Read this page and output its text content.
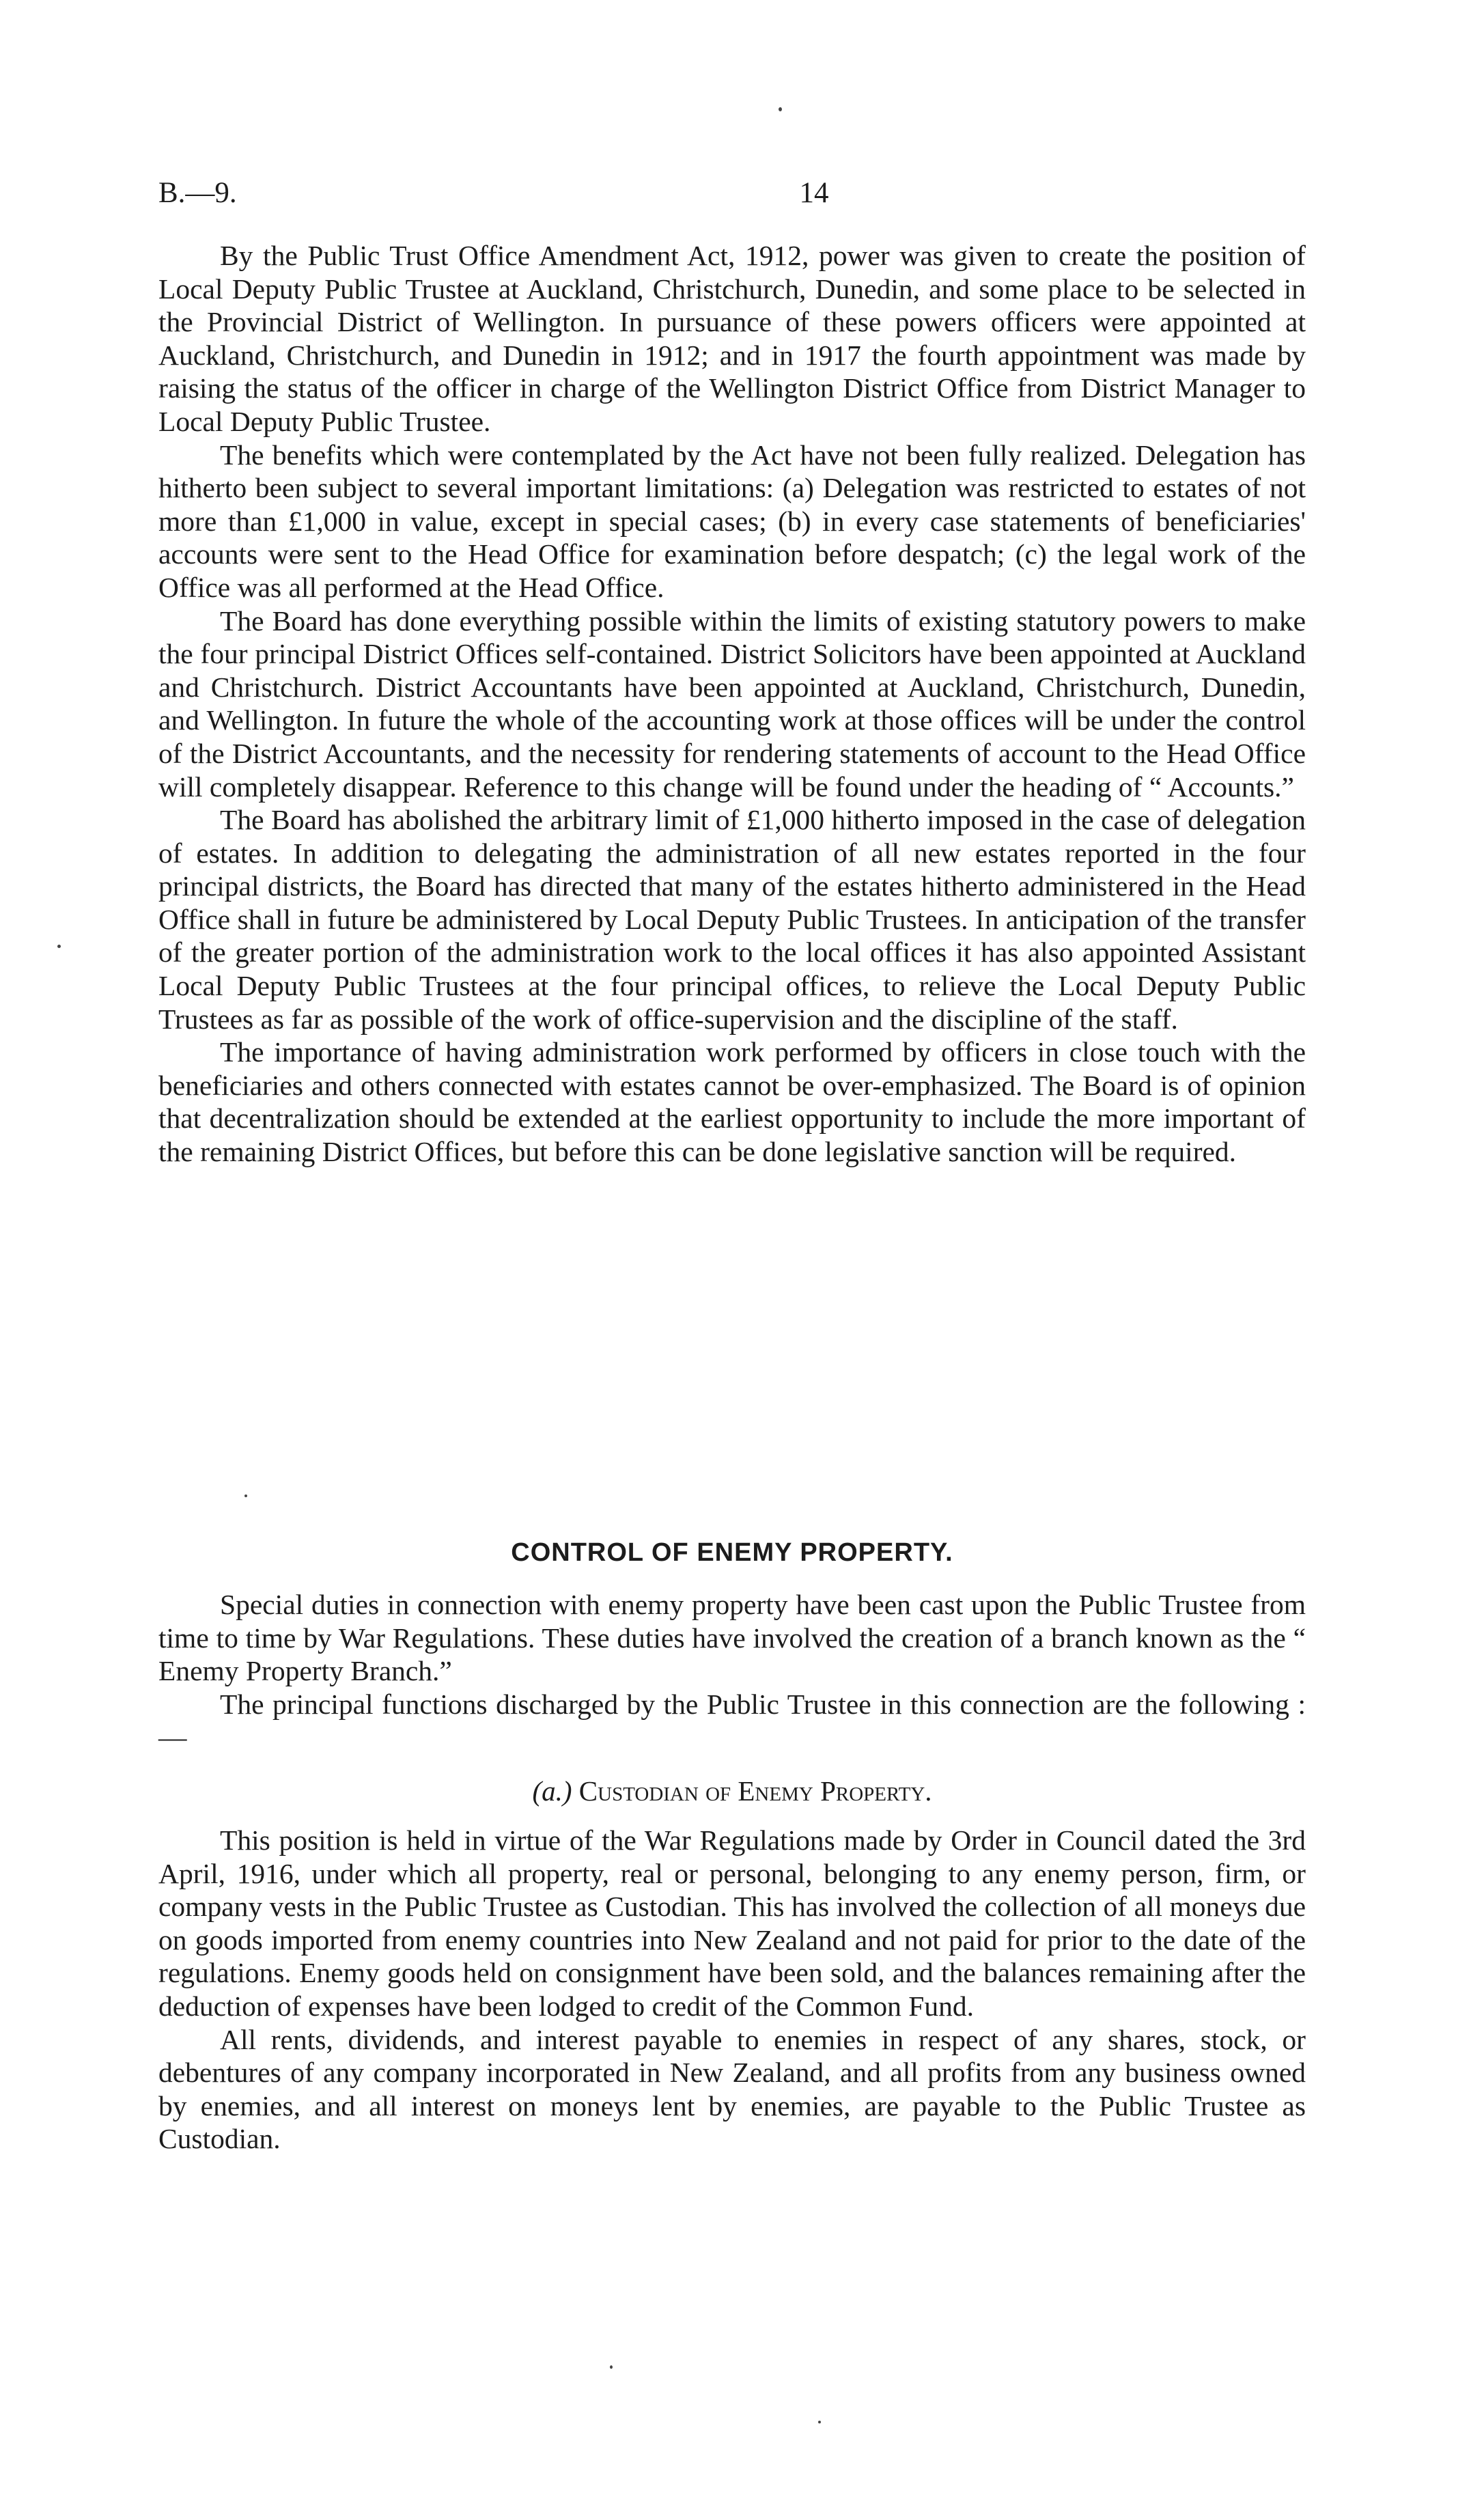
B.—9.	14

By the Public Trust Office Amendment Act, 1912, power was given to create the position of Local Deputy Public Trustee at Auckland, Christchurch, Dunedin, and some place to be selected in the Provincial District of Wellington. In pursuance of these powers officers were appointed at Auckland, Christchurch, and Dunedin in 1912; and in 1917 the fourth appointment was made by raising the status of the officer in charge of the Wellington District Office from District Manager to Local Deputy Public Trustee.

The benefits which were contemplated by the Act have not been fully realized. Delegation has hitherto been subject to several important limitations: (a) Delegation was restricted to estates of not more than £1,000 in value, except in special cases; (b) in every case statements of beneficiaries' accounts were sent to the Head Office for examination before despatch; (c) the legal work of the Office was all performed at the Head Office.

The Board has done everything possible within the limits of existing statutory powers to make the four principal District Offices self-contained. District Solicitors have been appointed at Auckland and Christchurch. District Accountants have been appointed at Auckland, Christchurch, Dunedin, and Wellington. In future the whole of the accounting work at those offices will be under the control of the District Accountants, and the necessity for rendering statements of account to the Head Office will completely disappear. Reference to this change will be found under the heading of “ Accounts.”

The Board has abolished the arbitrary limit of £1,000 hitherto imposed in the case of delegation of estates. In addition to delegating the administration of all new estates reported in the four principal districts, the Board has directed that many of the estates hitherto administered in the Head Office shall in future be administered by Local Deputy Public Trustees. In anticipation of the transfer of the greater portion of the administration work to the local offices it has also appointed Assistant Local Deputy Public Trustees at the four principal offices, to relieve the Local Deputy Public Trustees as far as possible of the work of office-supervision and the discipline of the staff.

The importance of having administration work performed by officers in close touch with the beneficiaries and others connected with estates cannot be over-emphasized. The Board is of opinion that decentralization should be extended at the earliest opportunity to include the more important of the remaining District Offices, but before this can be done legislative sanction will be required.

CONTROL OF ENEMY PROPERTY.

Special duties in connection with enemy property have been cast upon the Public Trustee from time to time by War Regulations. These duties have involved the creation of a branch known as the “ Enemy Property Branch.”

The principal functions discharged by the Public Trustee in this connection are the following :—

(a.) Custodian of Enemy Property.

This position is held in virtue of the War Regulations made by Order in Council dated the 3rd April, 1916, under which all property, real or personal, belonging to any enemy person, firm, or company vests in the Public Trustee as Custodian. This has involved the collection of all moneys due on goods imported from enemy countries into New Zealand and not paid for prior to the date of the regulations. Enemy goods held on consignment have been sold, and the balances remaining after the deduction of expenses have been lodged to credit of the Common Fund.

All rents, dividends, and interest payable to enemies in respect of any shares, stock, or debentures of any company incorporated in New Zealand, and all profits from any business owned by enemies, and all interest on moneys lent by enemies, are payable to the Public Trustee as Custodian.
